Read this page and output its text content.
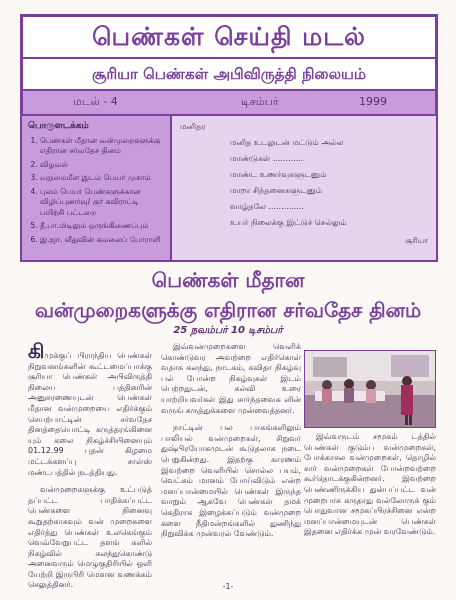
பெண்கள் செய்தி மடல்
சூரியா பெண்கள் அபிவிருத்தி நிலையம்
மடல் - 4	டிசம்பர்	1999
பொருளடக்கம்
1. பெண்கள் மீதான வன்முறைகளுக்கு எதிரான சர்வதேச தினம்
2. விழவல்
3. வறுமைமீள இடம் பெயர் முகாம்
4. புலம் பெயர் பெண்களுக்கான விழிப்புணர்வு/ குர் கவிராட்டி பயிற்சி பட்டறை
5. தீ.பா.மிடிலும் ஒருங்கிணைப்பும்
6. இ.ஜா. வீதுவின் கவலைப் போராளி
மனிதர
மனித உடலுடன் மட்டும் அல்ல
மாண்டுகள் ............
மாண்ட உணர்வுகளுடனும்
மாறா சிந்தனைகளுடனும்
வாழ்தலே ..............
உயர் நிலைக்கு இட்டுச் செல்லும்
சூரியா
பெண்கள் மீதான
வன்முறைகளுக்கு எதிரான சர்வதேச தினம்
25 நவம்பர் 10 டிசம்பர்

கிமுக்குப் பிராந்திய பெண்கள் நிறுவனங்களின் கூட்டமைப்பாக்கு சூரியா பெண்கள் அபிவிருத்தி நிலைய பத்தினரின் அனுசரணையுடன் பெண்கள் மீதான வன்முறையை எதிர்க்கும் செயற்பாட்டின் சர்வதேச தினத்தையொட்டி கருத்தரங்கினை யும் கலை நிகழ்ச்சியினையும் 01.12.99 புதன் கிழமை மட்டக்களப்பு சாள்ஸ் மண்டபத்தில் நடத்தியது.

வன்முறைகளுக்கு உட்படுத் தப்பட்ட பாதிக்கப்பட்ட பெண்களை நினைவு கூறுதற்காகவும் வன் முறைகளை எதிர்த்து பெண்கள் உலகெங்கும் வெவ்வேறுபட்ட தளங் களில் நிகழ்வில் கலந்துகொண்டு அனைவரும் மெழுகுதிரியில் ஒளி யேற்றி இருபிரி மௌன வணக்கம் செலுத்தினர்.

இவ்வன்முறைகளை வெளிக் கொண்டுவர அவற்றை எதிர்கொள் வதாக கலந்து, நாடகம், கவிதா நிகழ்வு பல் போன்ற நிகழ்வுகள் இடம் பெற்றதுடன், கல்வி உரை யாற்றியவர்கள் இது சார்ந்தவைக ளின் வருங் கருத்துக்களை முன்வைத்தனர்.

நாட்டின் பல பாகங்களிலும் பாலியல் வன்முறைகள், சிறுவர் துஷ்பிரயோகமுடன் கூடுதலாக நடை பெறுகின்றது. இதற்கு காரணம் இவற்றை வெளியில் சொல்ல பயம், வெட்கம் மானம் போய்விடும் என்ற மனப்பான்மையில் பெண்கள் இருந்த வாறும் ஆகவே பெண்கள் தமக் கெதிராக இழைக்கப்படும் வன்முறை களை நீதிமன்றங்களில் துணிந்து நிறுவிக்க முன்வரல் வேண்டும்.

இவ்வருடம் சமூகம் டத்தில் பெண்கள் குடும்ப வன்முறைகள், போக்காசல வன்முறைகள், தொழில் சார் வன்முறைகள் போன்றவற்றை கூர்தொடக்குகின்றனர். இவற்றை பெண்ணிருக்கிய துன்பப்பட்ட வன் முறைபாக கருதாது வல்லோருக் கும் பொதுவான சமூகப்பிரச்சினை என்ற மனப்பான்மையுடன் பெண்கள் இதனை எதிர்க்க முன் வரவேண்டும்.

-1-
